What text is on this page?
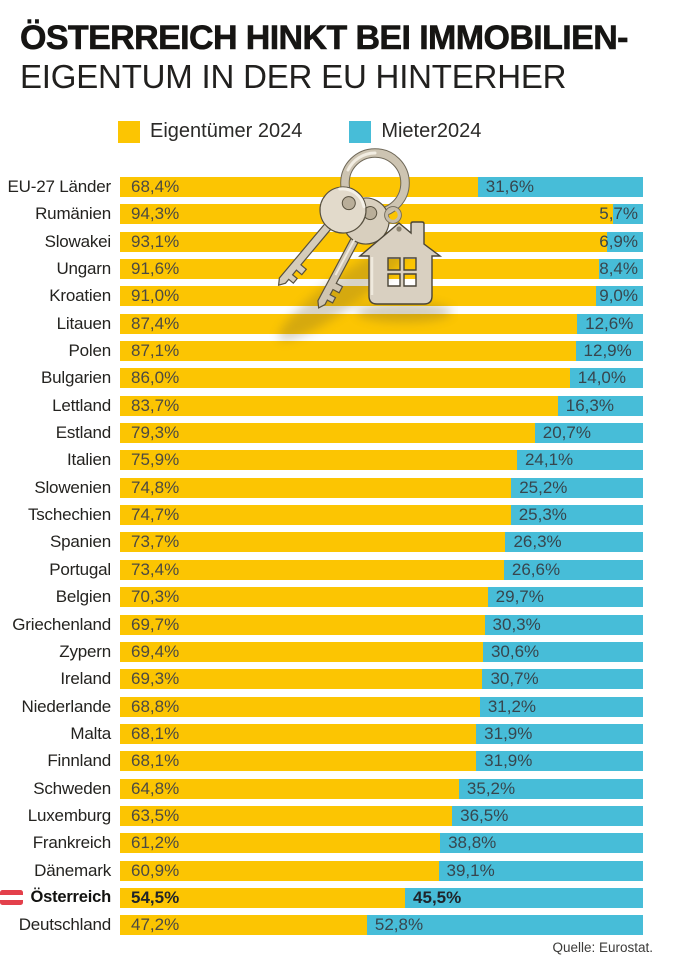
ÖSTERREICH HINKT BEI IMMOBILIEN-
EIGENTUM IN DER EU HINTERHER
Eigentümer 2024	Mieter2024
EU-27 Länder 68,4%	31,6%
Rumänien 94,3%	5,7%
Slowakei 93,1%	6,9%
Ungarn 91,6%	8,4%
Kroatien 91,0%	9,0%
Litauen 87,4%	12,6%
Polen 87,1%	12,9%
Bulgarien 86,0%	14,0%
Lettland 83,7%	16,3%
Estland 79,3%	20,7%
Italien 75,9%	24,1%
Slowenien 74,8%	25,2%
Tschechien 74,7%	25,3%
Spanien 73,7%	26,3%
Portugal 73,4%	26,6%
Belgien 70,3%	29,7%
Griechenland 69,7%	30,3%
Zypern 69,4%	30,6%
Ireland 69,3%	30,7%
Niederlande 68,8%	31,2%
Malta 68,1%	31,9%
Finnland 68,1%	31,9%
Schweden 64,8%	35,2%
Luxemburg 63,5%	36,5%
Frankreich 61,2%	38,8%
Dänemark 60,9%	39,1%
Österreich 54,5%	45,5%
Deutschland 47,2%	52,8%
Quelle: Eurostat.
